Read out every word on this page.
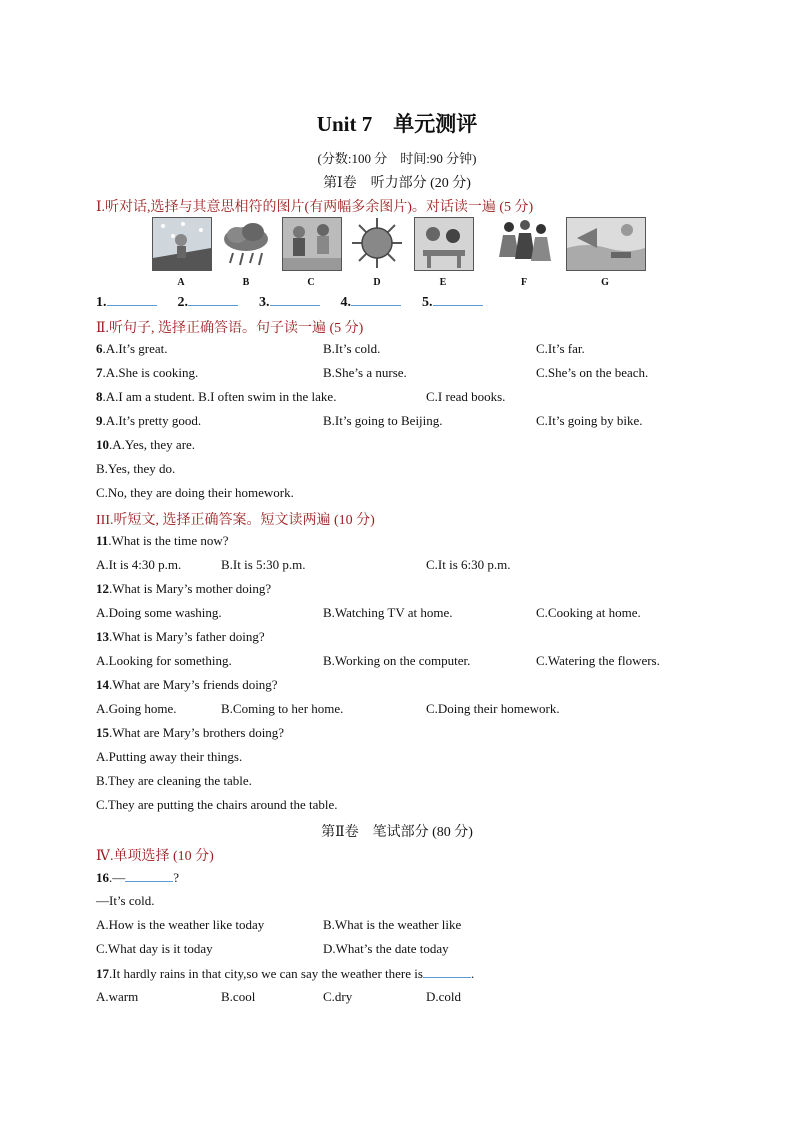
Unit 7　单元测评
(分数:100 分　时间:90 分钟)
第Ⅰ卷　听力部分 (20 分)
Ⅰ.听对话,选择与其意思相符的图片(有两幅多余图片)。对话读一遍 (5 分)
A	B	C	D	E	F	G
1.	2.	3.	4.	5.
Ⅱ.听句子, 选择正确答语。句子读一遍 (5 分)
6.A.It’s great.	B.It’s cold.	C.It’s far.
7.A.She is cooking.	B.She’s a nurse.	C.She’s on the beach.
8.A.I am a student. B.I often swim in the lake.	C.I read books.
9.A.It’s pretty good.	B.It’s going to Beijing.	C.It’s going by bike.
10.A.Yes, they are.
B.Yes, they do.
C.No, they are doing their homework.
III.听短文, 选择正确答案。短文读两遍 (10 分)
11.What is the time now?
A.It is 4:30 p.m.	B.It is 5:30 p.m.	C.It is 6:30 p.m.
12.What is Mary’s mother doing?
A.Doing some washing.	B.Watching TV at home.	C.Cooking at home.
13.What is Mary’s father doing?
A.Looking for something.	B.Working on the computer.	C.Watering the flowers.
14.What are Mary’s friends doing?
A.Going home.	B.Coming to her home.	C.Doing their homework.
15.What are Mary’s brothers doing?
A.Putting away their things.
B.They are cleaning the table.
C.They are putting the chairs around the table.
第Ⅱ卷　笔试部分 (80 分)
Ⅳ.单项选择 (10 分)
16.—	?
—It’s cold.
A.How is the weather like today	B.What is the weather like
C.What day is it today	D.What’s the date today
17.It hardly rains in that city,so we can say the weather there is	.
A.warm	B.cool	C.dry	D.cold
